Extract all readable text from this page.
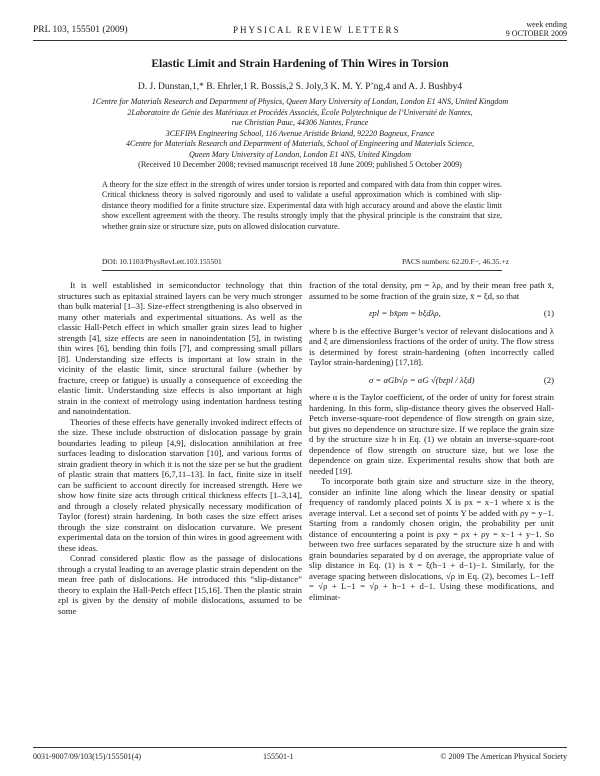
PRL 103, 155501 (2009)	PHYSICAL REVIEW LETTERS
week ending
9 OCTOBER 2009
Elastic Limit and Strain Hardening of Thin Wires in Torsion
D. J. Dunstan,1,* B. Ehrler,1 R. Bossis,2 S. Joly,3 K. M. Y. P’ng,4 and A. J. Bushby4
1Centre for Materials Research and Department of Physics, Queen Mary University of London, London E1 4NS, United Kingdom
2Laboratoire de Génie des Matériaux et Procédés Associés, École Polytechnique de l’Université de Nantes,
rue Christian Pauc, 44306 Nantes, France
3CEFIPA Engineering School, 116 Avenue Aristide Briand, 92220 Bagneux, France
4Centre for Materials Research and Department of Materials, School of Engineering and Materials Science,
Queen Mary University of London, London E1 4NS, United Kingdom
(Received 10 December 2008; revised manuscript received 18 June 2009; published 5 October 2009)
A theory for the size effect in the strength of wires under torsion is reported and compared with data from thin copper wires. Critical thickness theory is solved rigorously and used to validate a useful approximation which is combined with slip-distance theory modified for a finite structure size. Experimental data with high accuracy around and above the elastic limit show excellent agreement with the theory. The results strongly imply that the physical principle is the constraint that size, whether grain size or structure size, puts on allowed dislocation curvature.
DOI: 10.1103/PhysRevLett.103.155501	PACS numbers: 62.20.F−, 46.35.+z

It is well established in semiconductor technology that thin structures such as epitaxial strained layers can be very much stronger than bulk material [1–3]. Size-effect strengthening is also observed in many other materials and experimental situations. As well as the classic Hall-Petch effect in which smaller grain sizes lead to higher strength [4], size effects are seen in nanoindentation [5], in twisting thin wires [6], bending thin foils [7], and compressing small pillars [8]. Understanding size effects is important at low strain in the vicinity of the elastic limit, since structural failure (whether by fracture, creep or fatigue) is usually a consequence of exceeding the elastic limit. Understanding size effects is also important at high strain in the context of metrology using indentation hardness testing and nanoindentation.

Theories of these effects have generally invoked indirect effects of the size. These include obstruction of dislocation passage by grain boundaries leading to pileup [4,9], dislocation annihilation at free surfaces leading to dislocation starvation [10], and various forms of strain gradient theory in which it is not the size per se but the gradient of plastic strain that matters [6,7,11–13]. In fact, finite size in itself can be sufficient to account directly for increased strength. Here we show how finite size acts through critical thickness effects [1–3,14], and through a closely related physically necessary modification of Taylor (forest) strain hardening. In both cases the size effect arises through the size constraint on dislocation curvature. We present experimental data on the torsion of thin wires in good agreement with these ideas.

Conrad considered plastic flow as the passage of dislocations through a crystal leading to an average plastic strain dependent on the mean free path of dislocations. He introduced this “slip-distance” theory to explain the Hall-Petch effect [15,16]. Then the plastic strain εpl is given by the density of mobile dislocations, assumed to be some

fraction of the total density, ρm = λρ, and by their mean free path x̄, assumed to be some fraction of the grain size, x̄ = ξd, so that

εpl = bx̄ρm = bξdλρ,	(1)

where b is the effective Burger’s vector of relevant dislocations and λ and ξ are dimensionless fractions of the order of unity. The flow stress is determined by forest strain-hardening (often incorrectly called Taylor strain-hardening) [17,18].

σ = αGb√ρ = αG √(bεpl / λξd)	(2)

where α is the Taylor coefficient, of the order of unity for forest strain hardening. In this form, slip-distance theory gives the observed Hall-Petch inverse-square-root dependence of flow strength on grain size, but gives no dependence on structure size. If we replace the grain size d by the structure size h in Eq. (1) we obtain an inverse-square-root dependence of flow strength on structure size, but we lose the dependence on grain size. Experimental results show that both are needed [19].

To incorporate both grain size and structure size in the theory, consider an infinite line along which the linear density or spatial frequency of randomly placed points X is ρx = x−1 where x is the average interval. Let a second set of points Y be added with ρy = y−1. Starting from a randomly chosen origin, the probability per unit distance of encountering a point is ρxy = ρx + ρy = x−1 + y−1. So between two free surfaces separated by the structure size h and with grain boundaries separated by d on average, the appropriate value of slip distance in Eq. (1) is x̄ = ξ(h−1 + d−1)−1. Similarly, for the average spacing between dislocations, √ρ in Eq. (2), becomes L−1eff = √ρ + L−1 = √ρ + h−1 + d−1. Using these modifications, and eliminat-

0031-9007/09/103(15)/155501(4)	155501-1	© 2009 The American Physical Society
